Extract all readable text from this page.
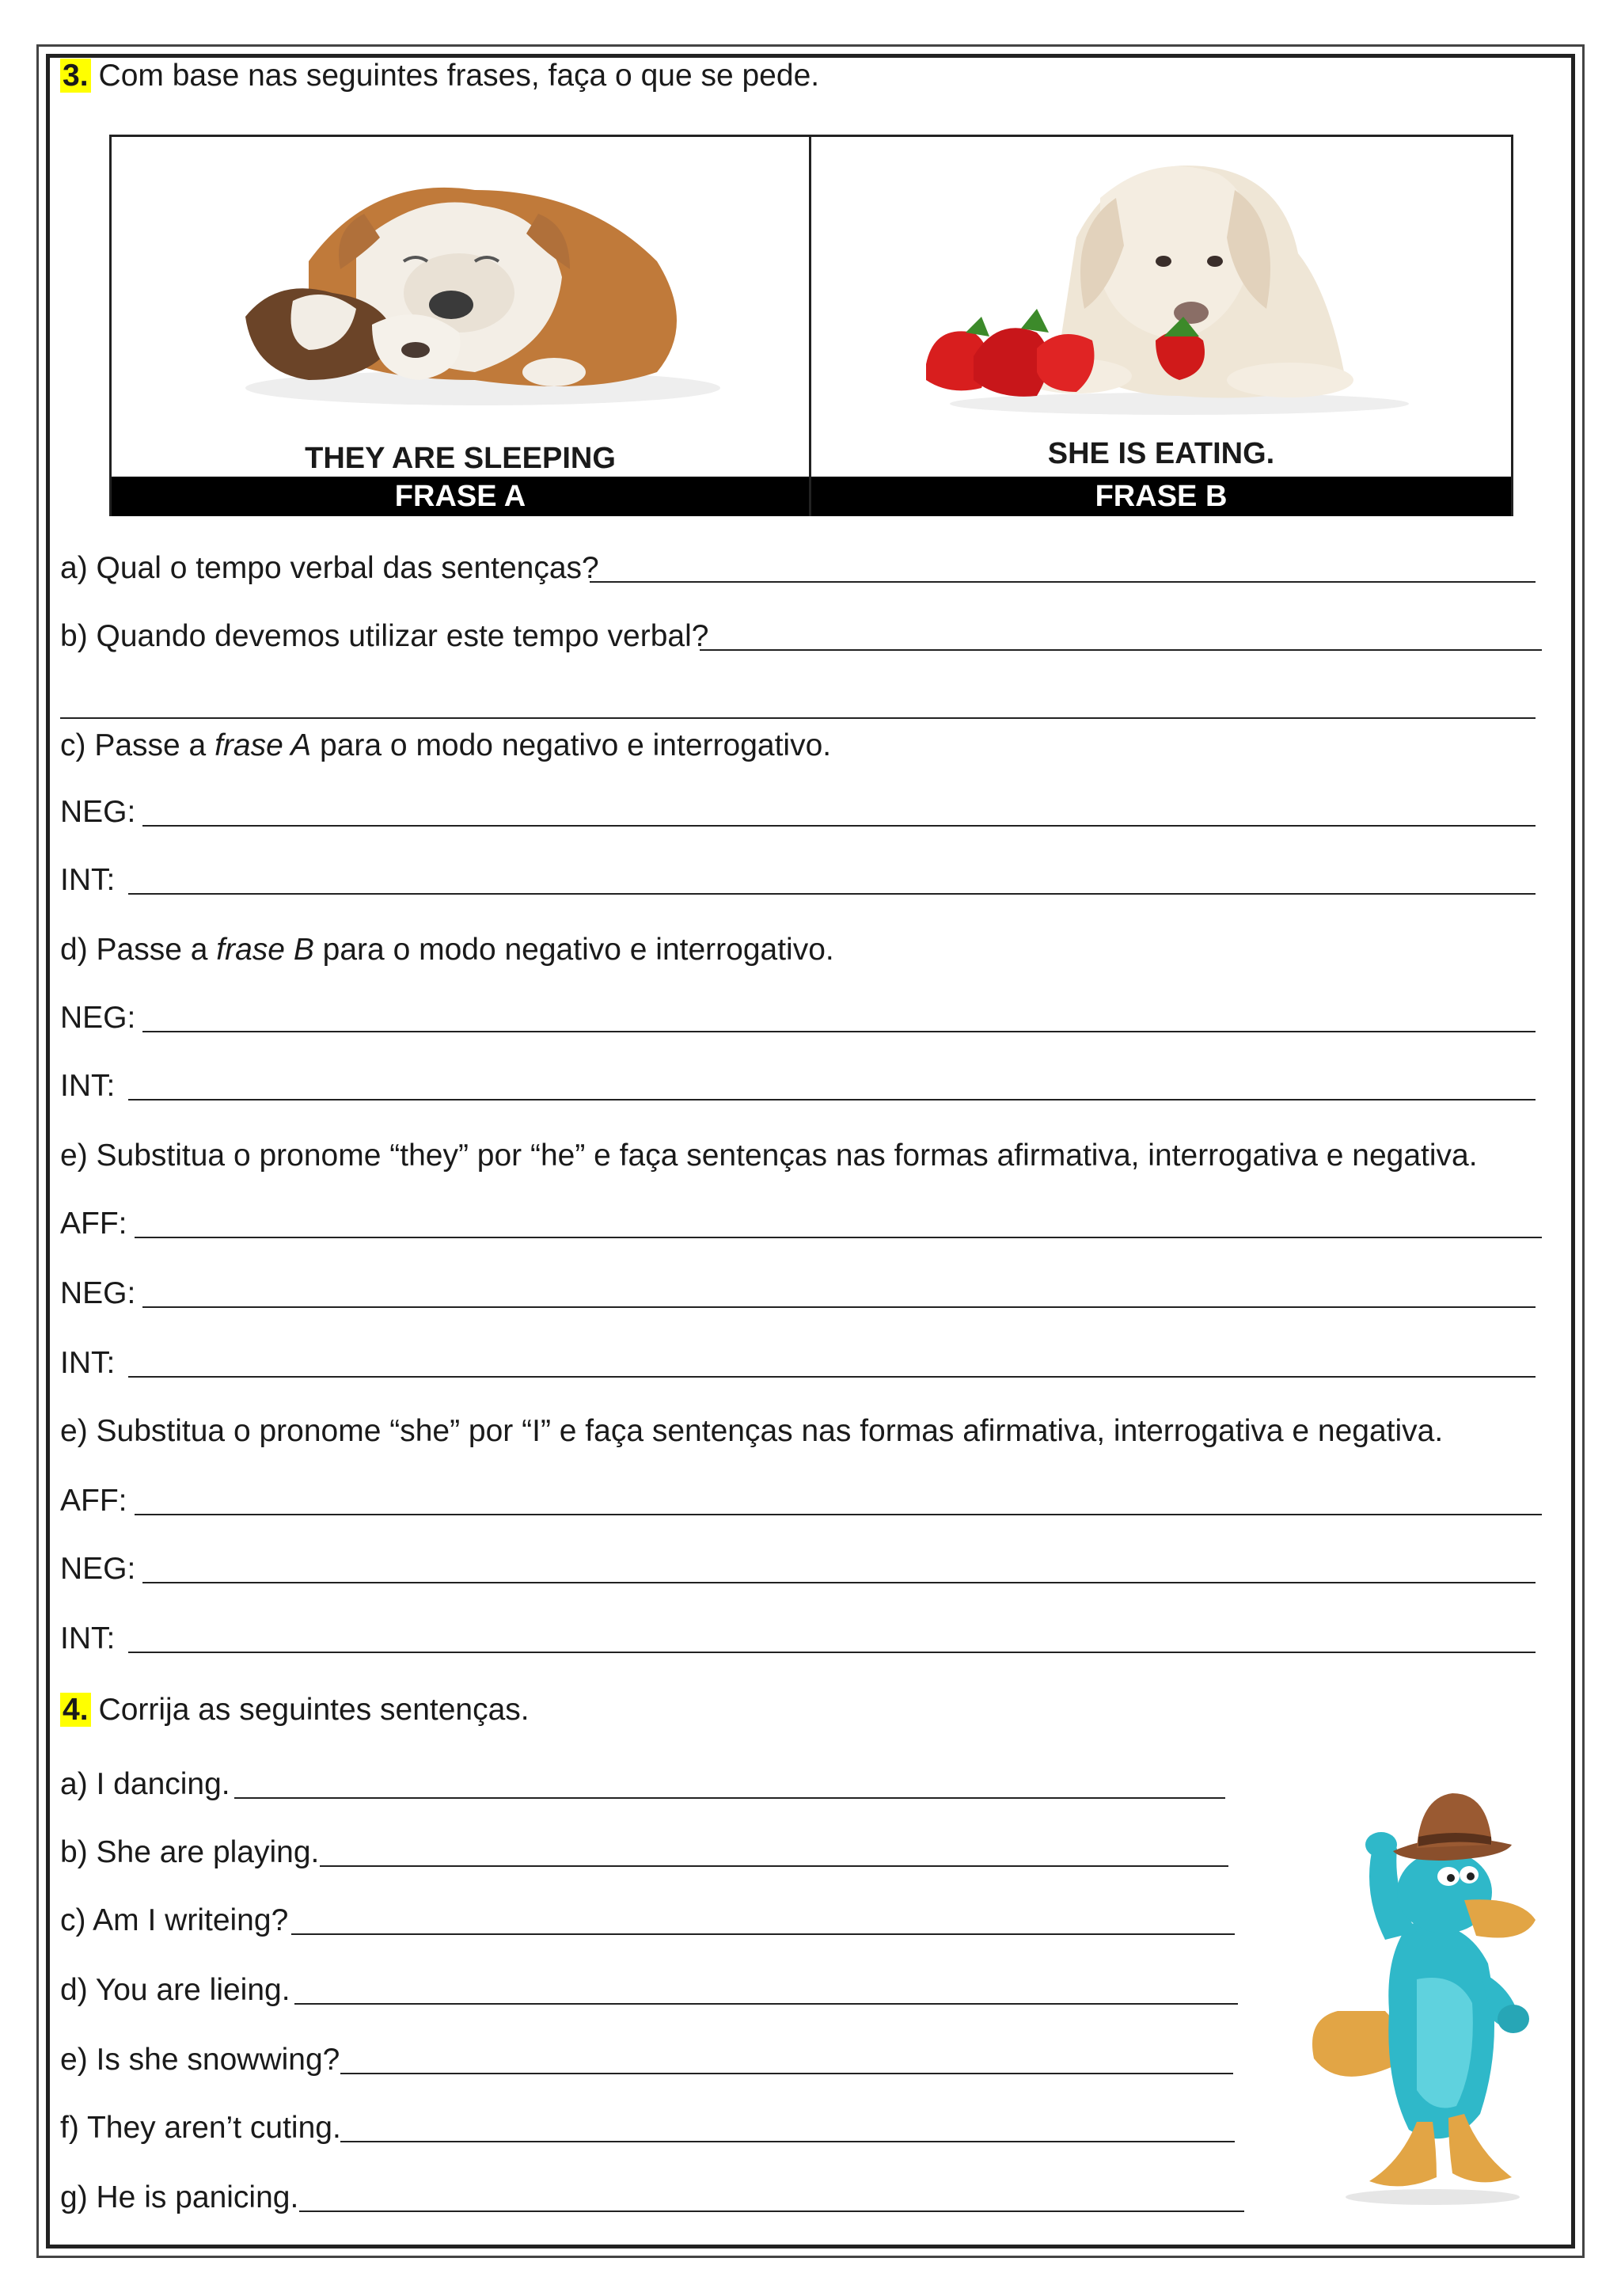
3. Com base nas seguintes frases, faça o que se pede.
THEY ARE SLEEPING	SHE IS EATING.
FRASE A	FRASE B
a) Qual o tempo verbal das sentenças?
b) Quando devemos utilizar este tempo verbal?
c) Passe a frase A para o modo negativo e interrogativo.
NEG:
INT:
d) Passe a frase B para o modo negativo e interrogativo.
NEG:
INT:
e) Substitua o pronome “they” por “he” e faça sentenças nas formas afirmativa, interrogativa e negativa.
AFF:
NEG:
INT:
e) Substitua o pronome “she” por “I” e faça sentenças nas formas afirmativa, interrogativa e negativa.
AFF:
NEG:
INT:
4. Corrija as seguintes sentenças.
a) I dancing.
b) She are playing.
c) Am I writeing?
d) You are lieing.
e) Is she snowwing?
f) They aren’t cuting.
g) He is panicing.
